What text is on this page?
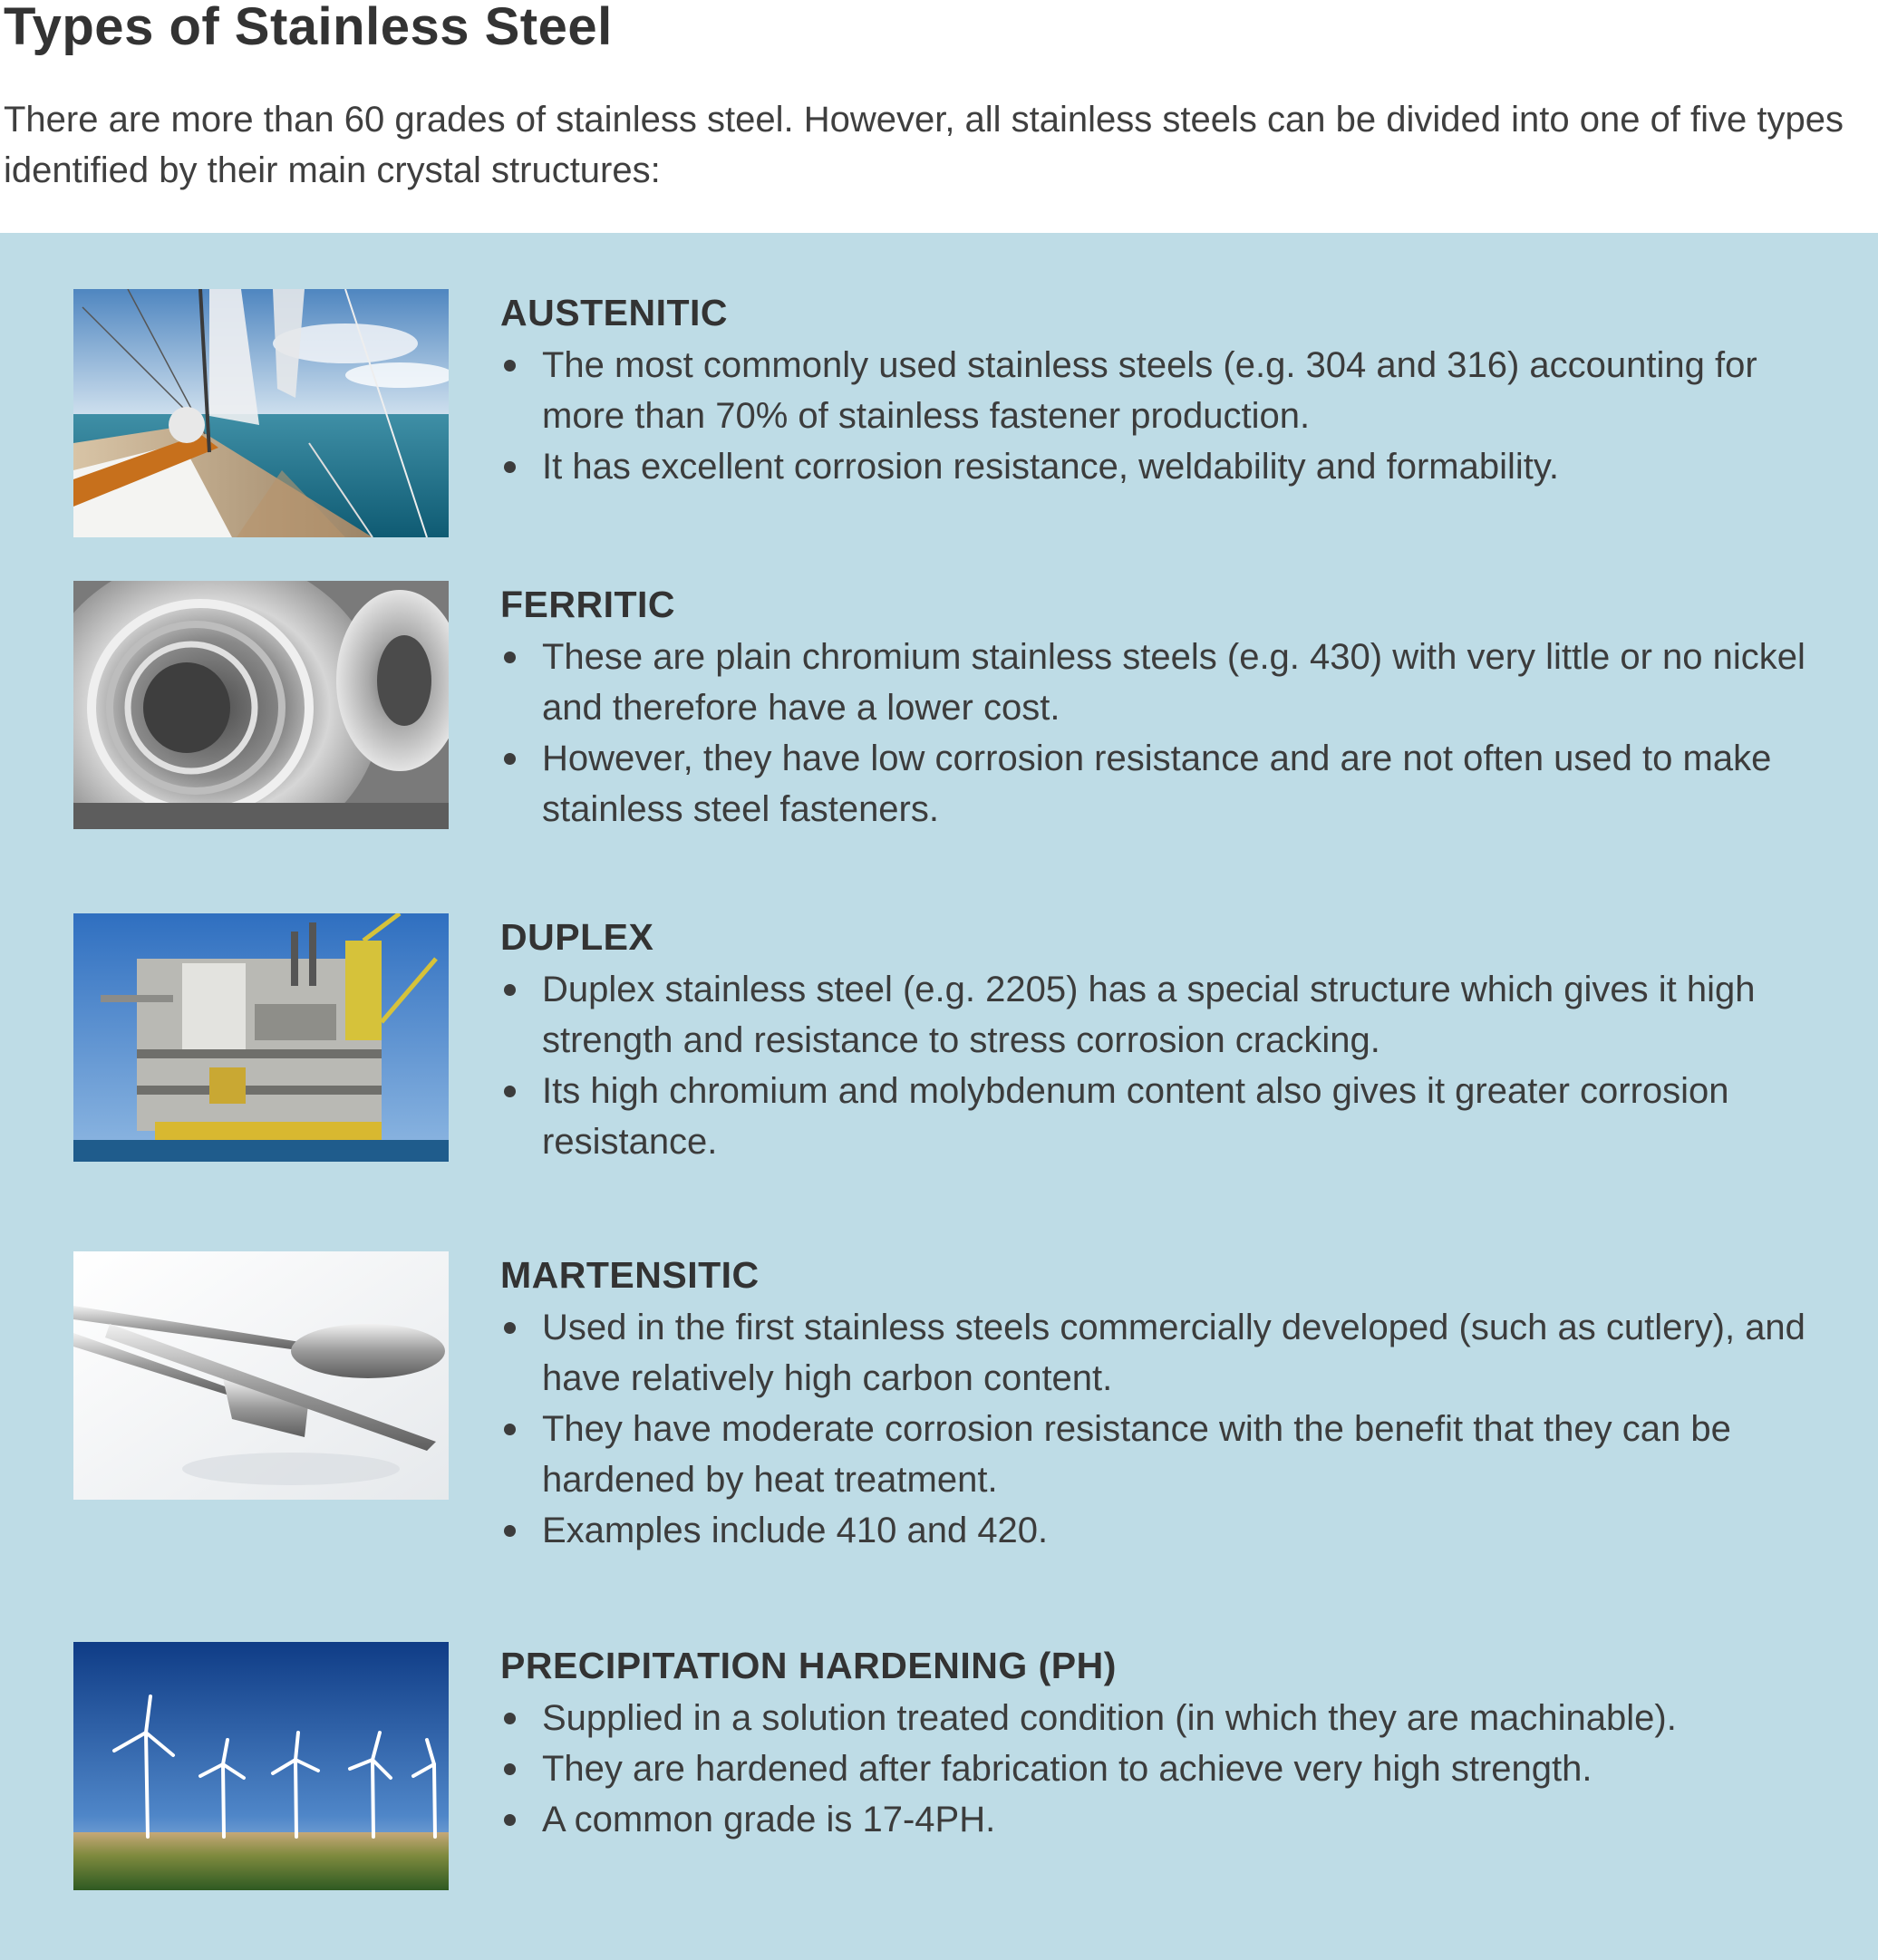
Types of Stainless Steel

There are more than 60 grades of stainless steel. However, all stainless steels can be divided into one of five types identified by their main crystal structures:

AUSTENITIC
The most commonly used stainless steels (e.g. 304 and 316) accounting for more than 70% of stainless fastener production.
It has excellent corrosion resistance, weldability and formability.
FERRITIC
These are plain chromium stainless steels (e.g. 430) with very little or no nickel and therefore have a lower cost.
However, they have low corrosion resistance and are not often used to make stainless steel fasteners.
DUPLEX
Duplex stainless steel (e.g. 2205) has a special structure which gives it high strength and resistance to stress corrosion cracking.
Its high chromium and molybdenum content also gives it greater corrosion resistance.
MARTENSITIC
Used in the first stainless steels commercially developed (such as cutlery), and have relatively high carbon content.
They have moderate corrosion resistance with the benefit that they can be hardened by heat treatment.
Examples include 410 and 420.
PRECIPITATION HARDENING (PH)
Supplied in a solution treated condition (in which they are machinable).
They are hardened after fabrication to achieve very high strength.
A common grade is 17-4PH.
